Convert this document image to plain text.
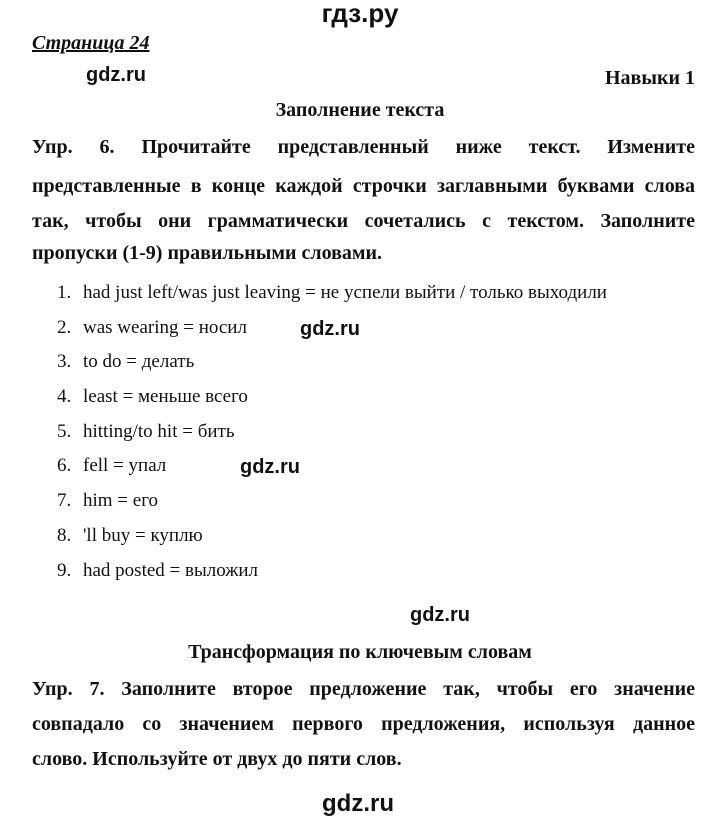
гдз.ру
Страница 24
Навыки 1
Заполнение текста
Упр. 6. Прочитайте представленный ниже текст. Измените
представленные в конце каждой строчки заглавными буквами слова
так, чтобы они грамматически сочетались с текстом. Заполните
пропуски (1-9) правильными словами.
1. had just left/was just leaving = не успели выйти / только выходили
2. was wearing = носил
3. to do = делать
4. least = меньше всего
5. hitting/to hit = бить
6. fell = упал
7. him = его
8. 'll buy = куплю
9. had posted = выложил
Трансформация по ключевым словам
Упр. 7. Заполните второе предложение так, чтобы его значение
совпадало со значением первого предложения, используя данное
слово. Используйте от двух до пяти слов.
gdz.ru
gdz.ru
gdz.ru
gdz.ru
gdz.ru
